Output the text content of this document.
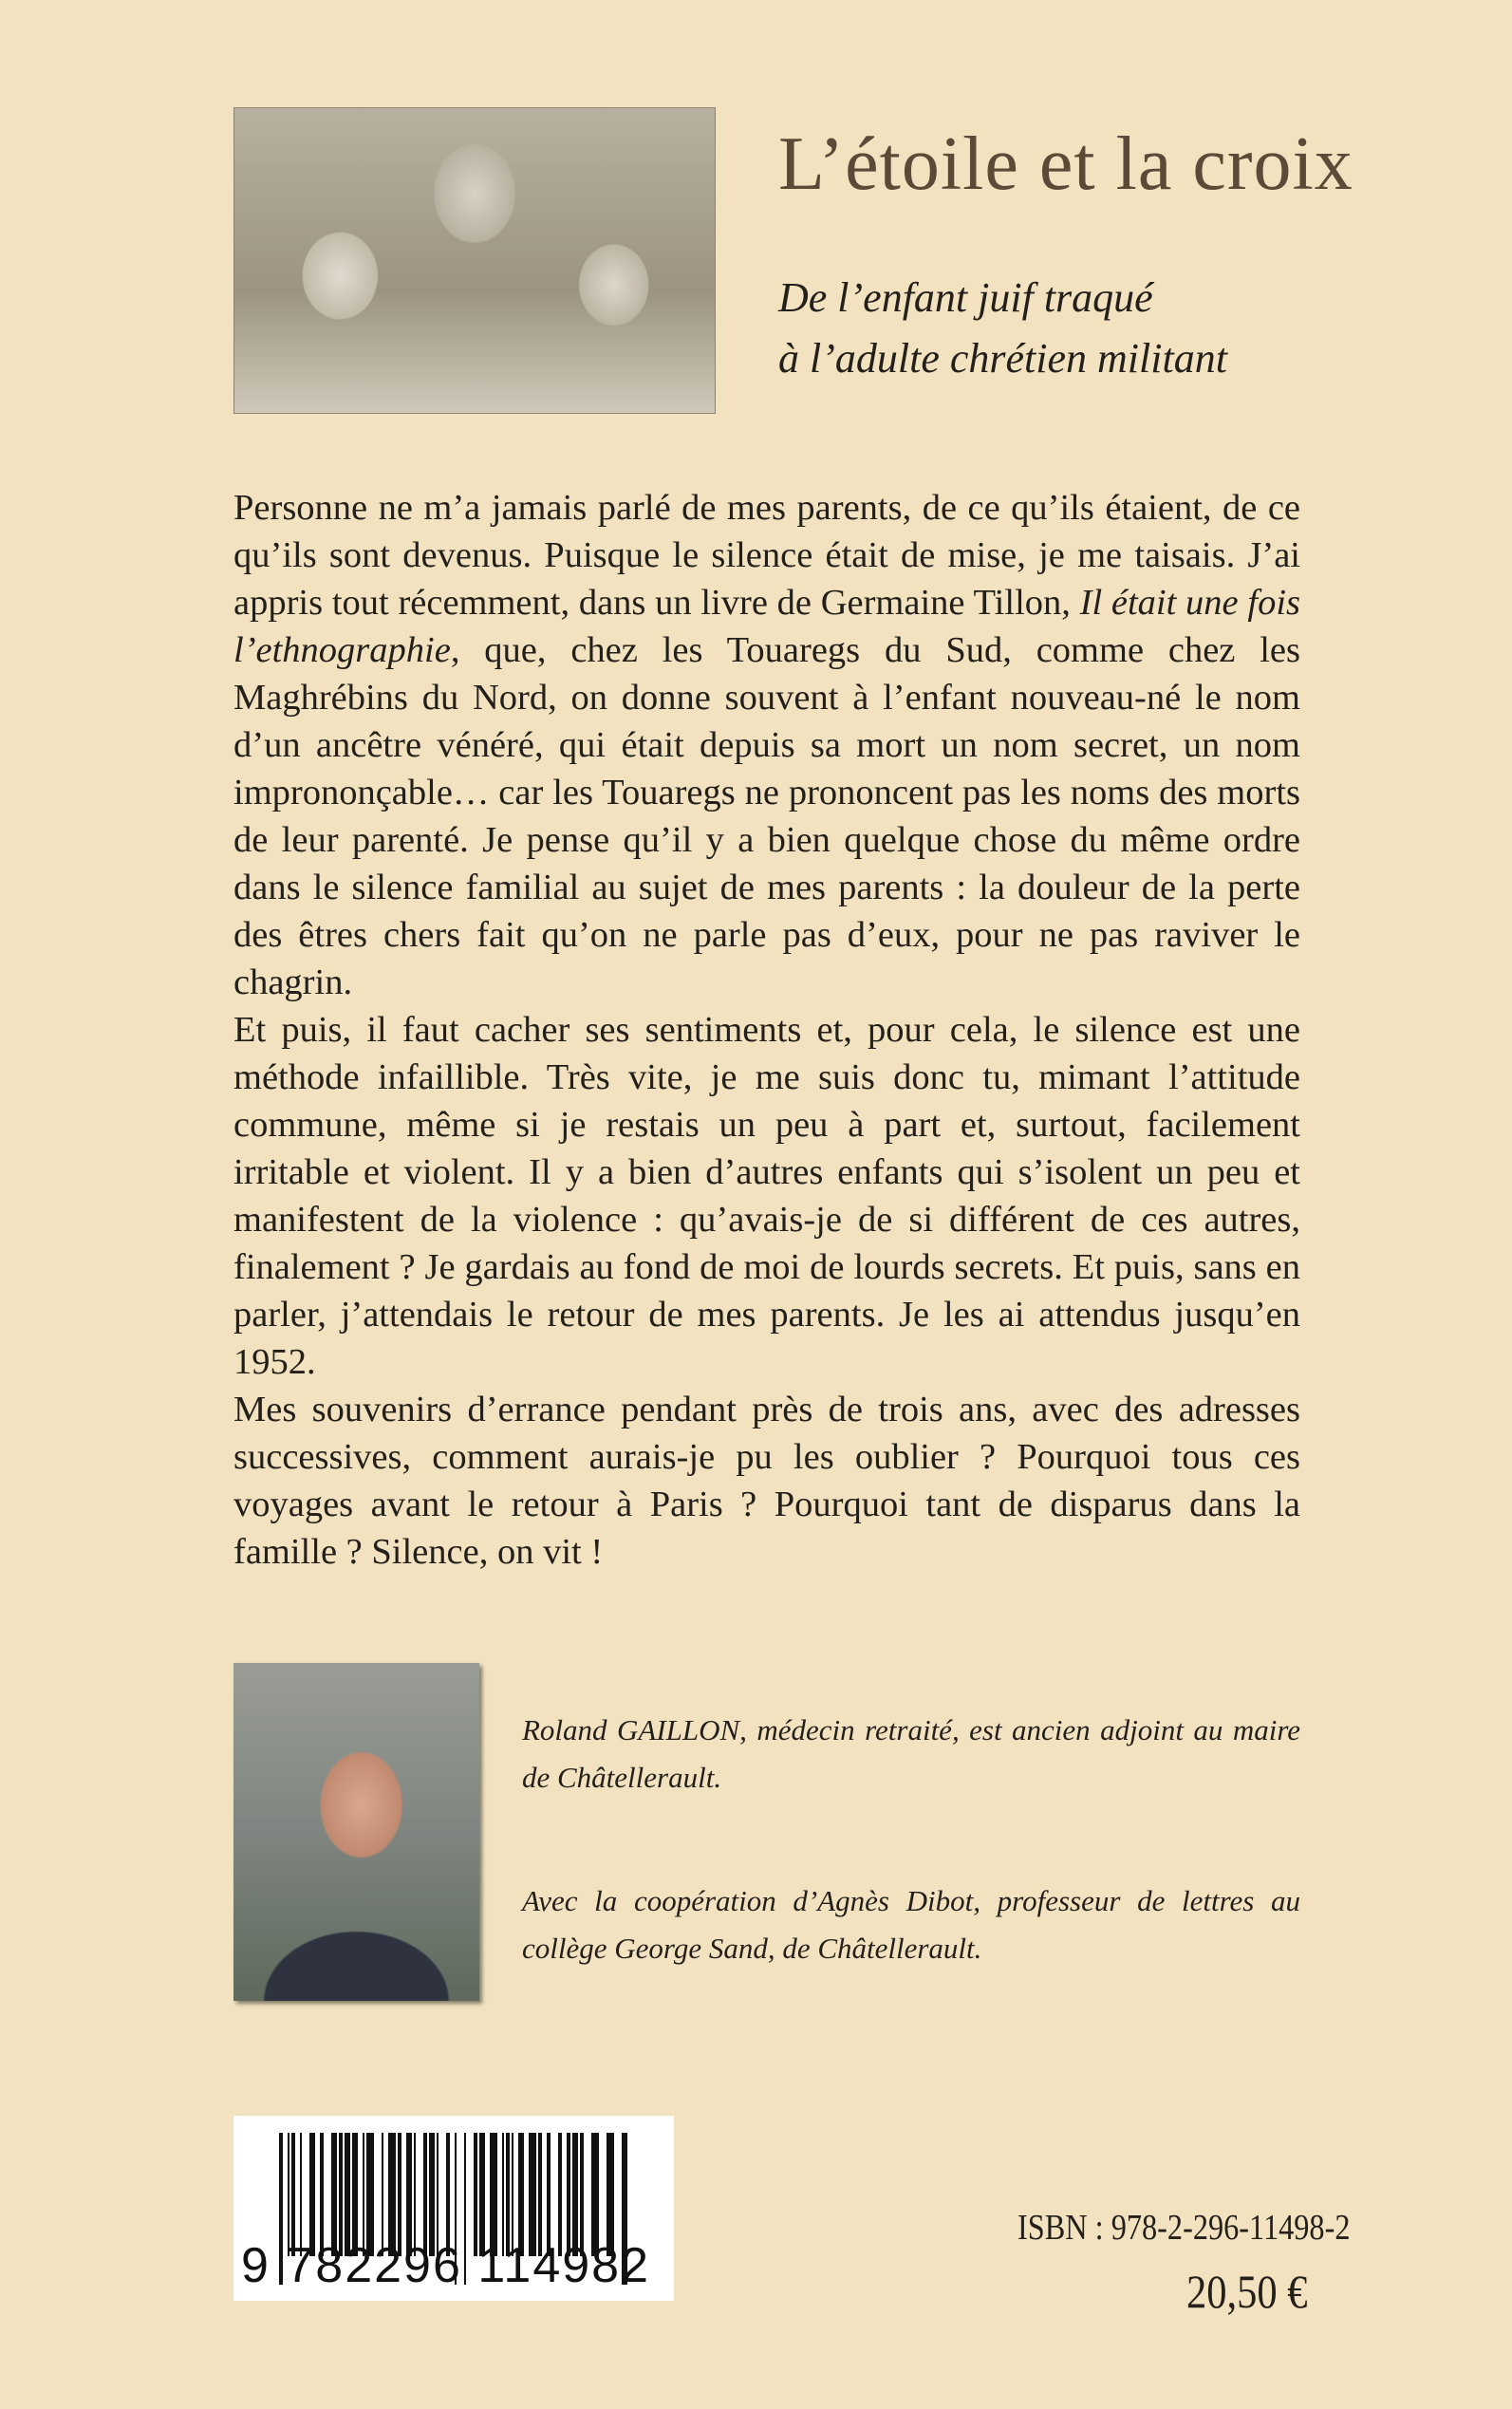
L’étoile et la croix
De l’enfant juif traqué
à l’adulte chrétien militant

Personne ne m’a jamais parlé de mes parents, de ce qu’ils étaient, de ce qu’ils sont devenus. Puisque le silence était de mise, je me taisais. J’ai appris tout récemment, dans un livre de Germaine Tillon, Il était une fois l’ethnographie, que, chez les Touaregs du Sud, comme chez les Maghrébins du Nord, on donne souvent à l’enfant nouveau-né le nom d’un ancêtre vénéré, qui était depuis sa mort un nom secret, un nom imprononçable… car les Touaregs ne prononcent pas les noms des morts de leur parenté. Je pense qu’il y a bien quelque chose du même ordre dans le silence familial au sujet de mes parents : la douleur de la perte des êtres chers fait qu’on ne parle pas d’eux, pour ne pas raviver le chagrin.

Et puis, il faut cacher ses sentiments et, pour cela, le silence est une méthode infaillible. Très vite, je me suis donc tu, mimant l’attitude commune, même si je restais un peu à part et, surtout, facilement irritable et violent. Il y a bien d’autres enfants qui s’isolent un peu et manifestent de la violence : qu’avais-je de si différent de ces autres, finalement ? Je gardais au fond de moi de lourds secrets. Et puis, sans en parler, j’attendais le retour de mes parents. Je les ai attendus jusqu’en 1952.

Mes souvenirs d’errance pendant près de trois ans, avec des adresses successives, comment aurais-je pu les oublier ? Pourquoi tous ces voyages avant le retour à Paris ? Pourquoi tant de disparus dans la famille ? Silence, on vit !

Roland GAILLON, médecin retraité, est ancien adjoint au maire de Châtellerault.

Avec la coopération d’Agnès Dibot, professeur de lettres au collège George Sand, de Châtellerault.

9 782296 114982
ISBN : 978-2-296-11498-2
20,50 €
